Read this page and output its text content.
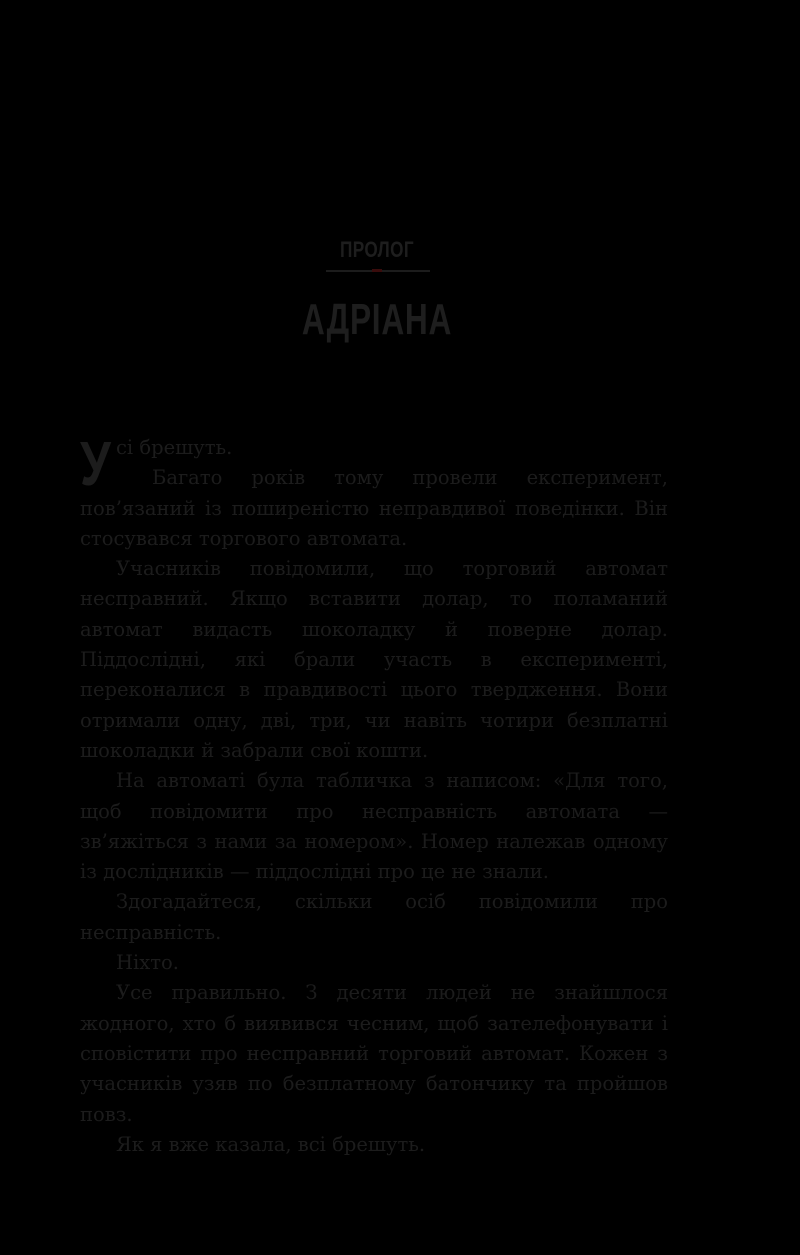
ПРОЛОГ
АДРІАНА

Усі брешуть.

Багато років тому провели експеримент, пов’язаний із поширеністю неправдивої поведінки. Він стосувався торгового автомата.

Учасників повідомили, що торговий автомат несправний. Якщо вставити долар, то поламаний автомат видасть шоколадку й поверне долар. Піддослідні, які брали участь в експерименті, переконалися в правдивості цього твердження. Вони отримали одну, дві, три, чи навіть чотири безплатні шоколадки й забрали свої кошти.

На автоматі була табличка з написом: «Для того, щоб повідомити про несправність автомата — зв’яжіться з нами за номером». Номер належав одному із дослідників — піддослідні про це не знали.

Здогадайтеся, скільки осіб повідомили про несправність.

Ніхто.

Усе правильно. З десяти людей не знайшлося жодного, хто б виявився чесним, щоб зателефонувати і сповістити про несправний торговий автомат. Кожен з учасників узяв по безплатному батончику та пройшов повз.

Як я вже казала, всі брешуть.
